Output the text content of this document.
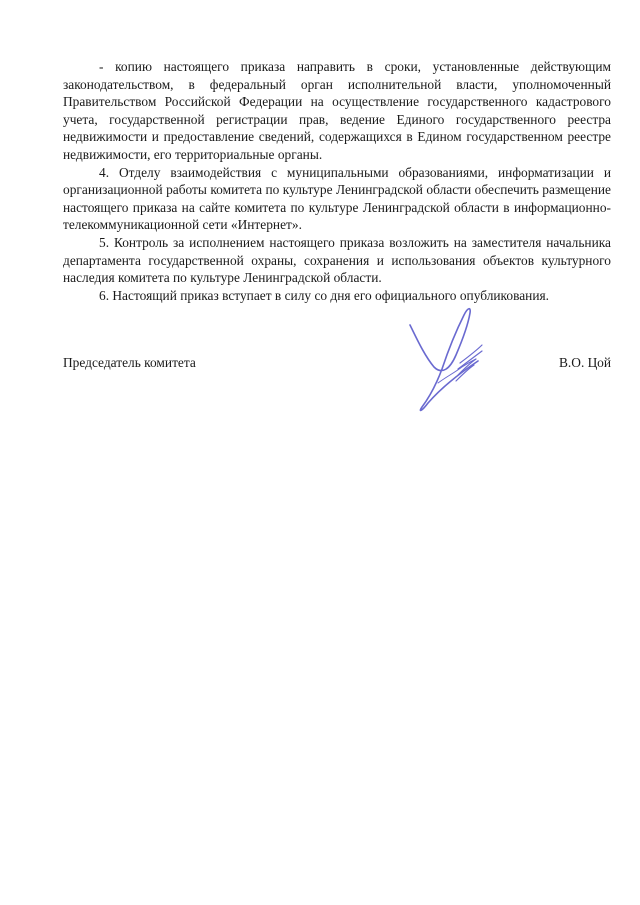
- копию настоящего приказа направить в сроки, установленные действующим законодательством, в федеральный орган исполнительной власти, уполномоченный Правительством Российской Федерации на осуществление государственного кадастрового учета, государственной регистрации прав, ведение Единого государственного реестра недвижимости и предоставление сведений, содержащихся в Едином государственном реестре недвижимости, его территориальные органы.

4. Отделу взаимодействия с муниципальными образованиями, информатизации и организационной работы комитета по культуре Ленинградской области обеспечить размещение настоящего приказа на сайте комитета по культуре Ленинградской области в информационно-телекоммуникационной сети «Интернет».

5. Контроль за исполнением настоящего приказа возложить на заместителя начальника департамента государственной охраны, сохранения и использования объектов культурного наследия комитета по культуре Ленинградской области.

6. Настоящий приказ вступает в силу со дня его официального опубликования.

Председатель комитета	В.О. Цой
